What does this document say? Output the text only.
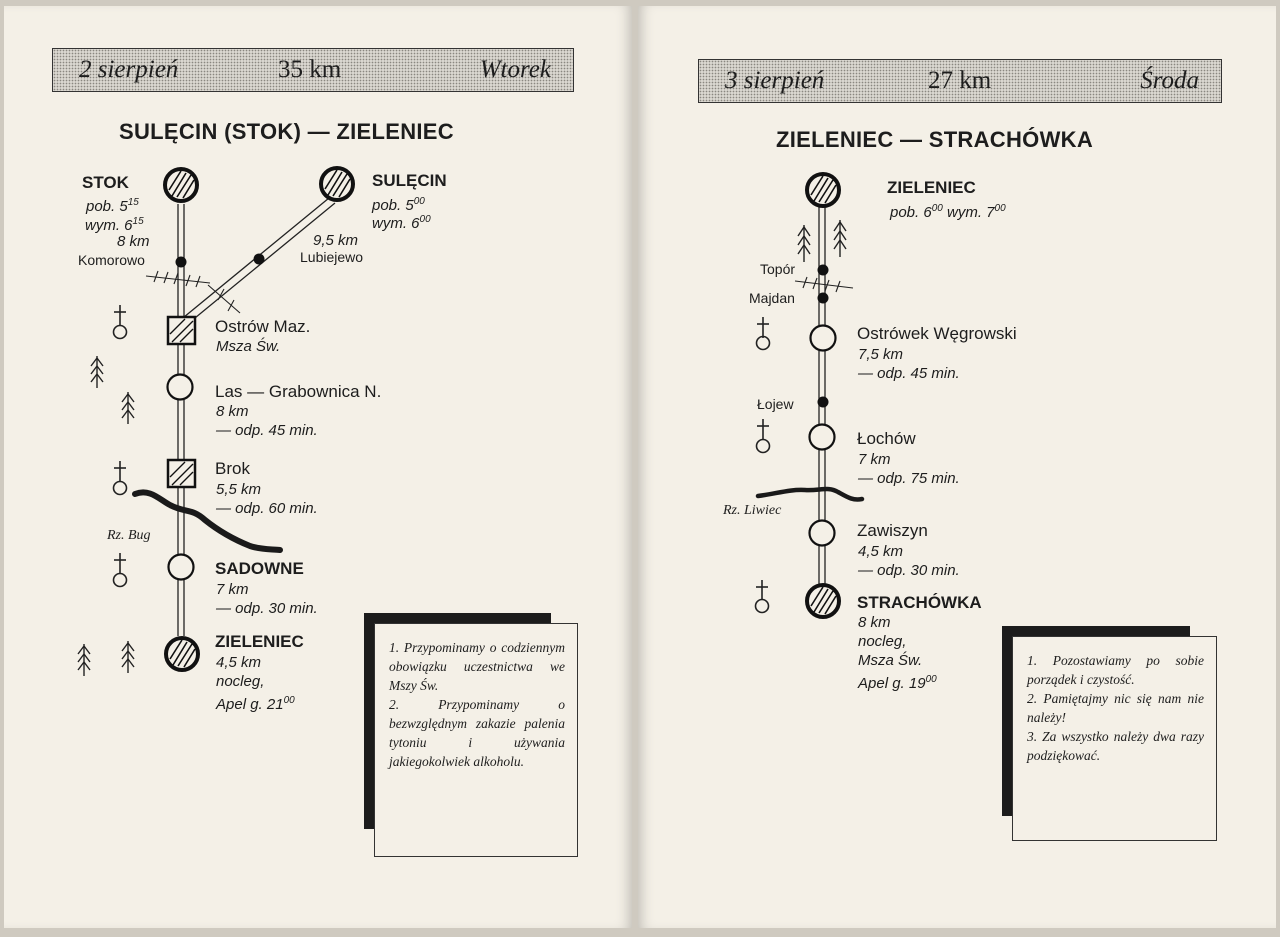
2 sierpień	35 km	Wtorek
SULĘCIN (STOK) — ZIELENIEC
STOK
pob. $5^{15}$
wym. $6^{15}$
8 km
Komorowo
SULĘCIN
pob. $5^{00}$
wym. $6^{00}$
9,5 km
Lubiejewo
Ostrów Maz.
Msza Św.
Las — Grabownica N.
8 km
— odp. 45 min.
Brok
5,5 km
— odp. 60 min.
Rz. Bug
SADOWNE
7 km
— odp. 30 min.
ZIELENIEC
4,5 km
nocleg,
Apel g. $21^{00}$

1. Przypominamy o codziennym obowiązku uczestnictwa we Mszy Św.

2. Przypominamy o bezwzględnym zakazie palenia tytoniu i używania jakiegokolwiek alkoholu.

3 sierpień	27 km	Środa
ZIELENIEC — STRACHÓWKA
ZIELENIEC
pob. $6^{00}$ wym. $7^{00}$
Topór
Majdan
Łojew
Ostrówek Węgrowski
7,5 km
— odp. 45 min.
Łochów
7 km
— odp. 75 min.
Rz. Liwiec
Zawiszyn
4,5 km
— odp. 30 min.
STRACHÓWKA
8 km
nocleg,
Msza Św.
Apel g. $19^{00}$

1. Pozostawiamy po sobie porządek i czystość.

2. Pamiętajmy nic się nam nie należy!

3. Za wszystko należy dwa razy podziękować.
